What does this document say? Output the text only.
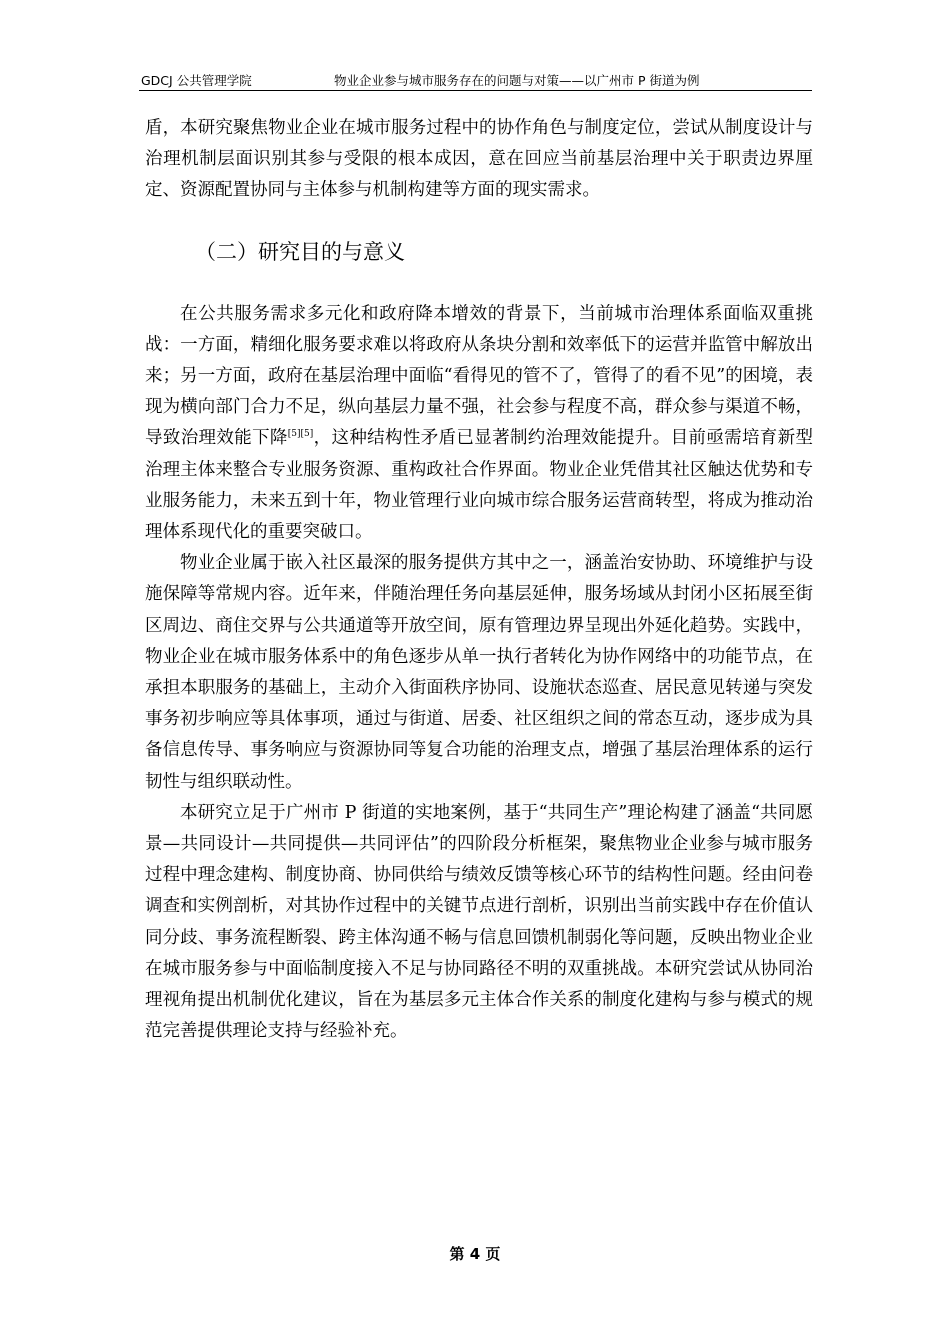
GDCJ 公共管理学院	物业企业参与城市服务存在的问题与对策——以广州市 P 街道为例

盾，本研究聚焦物业企业在城市服务过程中的协作角色与制度定位，尝试从制度设计与治理机制层面识别其参与受限的根本成因，意在回应当前基层治理中关于职责边界厘定、资源配置协同与主体参与机制构建等方面的现实需求。

（二）研究目的与意义

在公共服务需求多元化和政府降本增效的背景下，当前城市治理体系面临双重挑战：一方面，精细化服务要求难以将政府从条块分割和效率低下的运营并监管中解放出来；另一方面，政府在基层治理中面临“看得见的管不了，管得了的看不见”的困境，表现为横向部门合力不足，纵向基层力量不强，社会参与程度不高，群众参与渠道不畅，导致治理效能下降[5][5]，这种结构性矛盾已显著制约治理效能提升。目前亟需培育新型治理主体来整合专业服务资源、重构政社合作界面。物业企业凭借其社区触达优势和专业服务能力，未来五到十年，物业管理行业向城市综合服务运营商转型，将成为推动治理体系现代化的重要突破口。

物业企业属于嵌入社区最深的服务提供方其中之一，涵盖治安协助、环境维护与设施保障等常规内容。近年来，伴随治理任务向基层延伸，服务场域从封闭小区拓展至街区周边、商住交界与公共通道等开放空间，原有管理边界呈现出外延化趋势。实践中，物业企业在城市服务体系中的角色逐步从单一执行者转化为协作网络中的功能节点，在承担本职服务的基础上，主动介入街面秩序协同、设施状态巡查、居民意见转递与突发事务初步响应等具体事项，通过与街道、居委、社区组织之间的常态互动，逐步成为具备信息传导、事务响应与资源协同等复合功能的治理支点，增强了基层治理体系的运行韧性与组织联动性。

本研究立足于广州市 P 街道的实地案例，基于“共同生产”理论构建了涵盖“共同愿景—共同设计—共同提供—共同评估”的四阶段分析框架，聚焦物业企业参与城市服务过程中理念建构、制度协商、协同供给与绩效反馈等核心环节的结构性问题。经由问卷调查和实例剖析，对其协作过程中的关键节点进行剖析，识别出当前实践中存在价值认同分歧、事务流程断裂、跨主体沟通不畅与信息回馈机制弱化等问题，反映出物业企业在城市服务参与中面临制度接入不足与协同路径不明的双重挑战。本研究尝试从协同治理视角提出机制优化建议，旨在为基层多元主体合作关系的制度化建构与参与模式的规范完善提供理论支持与经验补充。

第 4 页
